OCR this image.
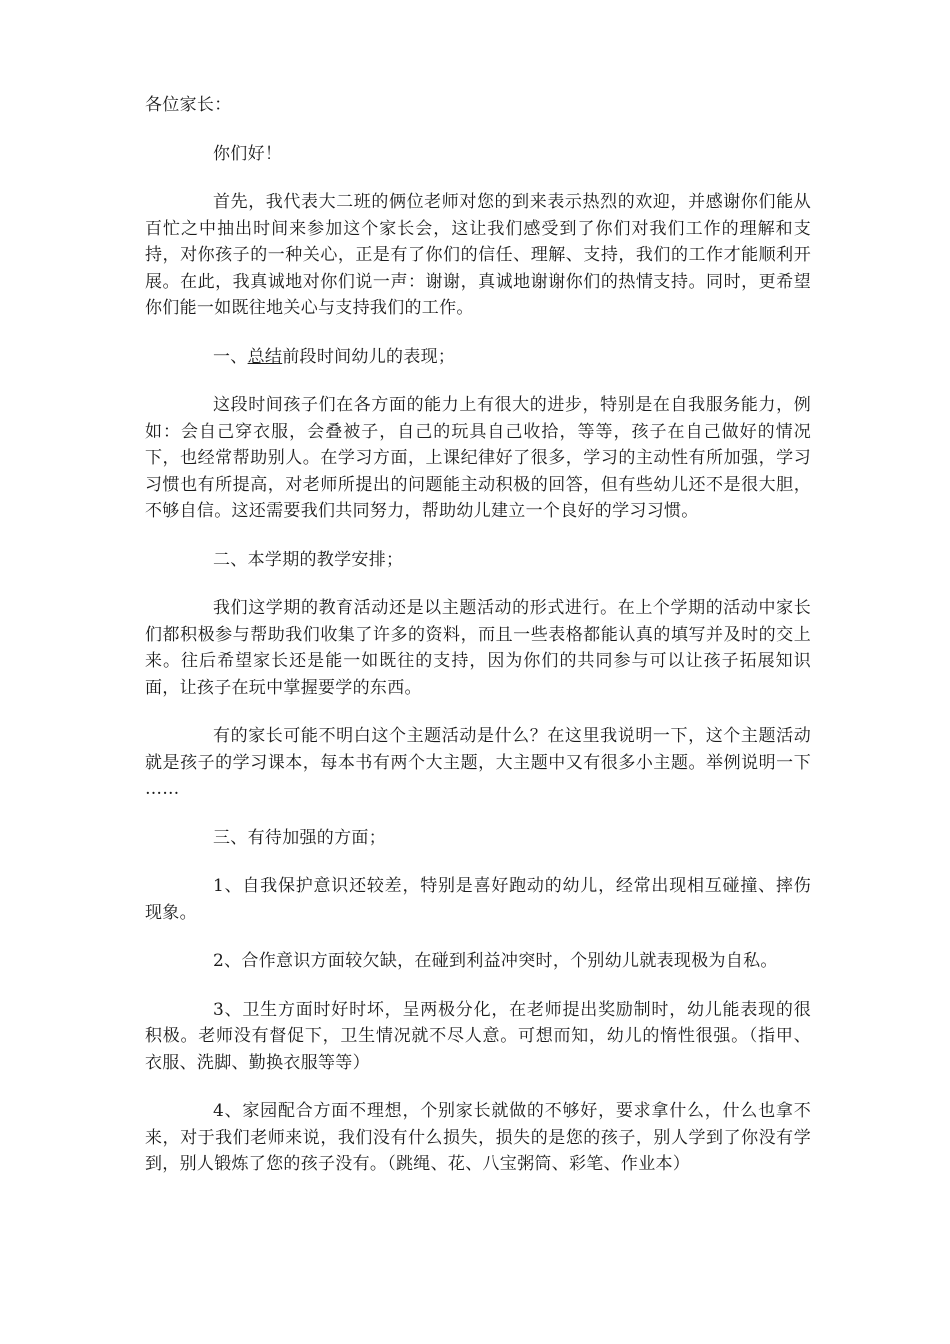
各位家长：

你们好！

首先，我代表大二班的俩位老师对您的到来表示热烈的欢迎，并感谢你们能从百忙之中抽出时间来参加这个家长会，这让我们感受到了你们对我们工作的理解和支持，对你孩子的一种关心，正是有了你们的信任、理解、支持，我们的工作才能顺利开展。在此，我真诚地对你们说一声：谢谢，真诚地谢谢你们的热情支持。同时，更希望你们能一如既往地关心与支持我们的工作。

一、总结前段时间幼儿的表现；

这段时间孩子们在各方面的能力上有很大的进步，特别是在自我服务能力，例如：会自己穿衣服，会叠被子，自己的玩具自己收拾，等等，孩子在自己做好的情况下，也经常帮助别人。在学习方面，上课纪律好了很多，学习的主动性有所加强，学习习惯也有所提高，对老师所提出的问题能主动积极的回答，但有些幼儿还不是很大胆，不够自信。这还需要我们共同努力，帮助幼儿建立一个良好的学习习惯。

二、本学期的教学安排；

我们这学期的教育活动还是以主题活动的形式进行。在上个学期的活动中家长们都积极参与帮助我们收集了许多的资料，而且一些表格都能认真的填写并及时的交上来。往后希望家长还是能一如既往的支持，因为你们的共同参与可以让孩子拓展知识面，让孩子在玩中掌握要学的东西。

有的家长可能不明白这个主题活动是什么？在这里我说明一下，这个主题活动就是孩子的学习课本，每本书有两个大主题，大主题中又有很多小主题。举例说明一下 ……

三、有待加强的方面；

1、自我保护意识还较差，特别是喜好跑动的幼儿，经常出现相互碰撞、摔伤现象。

2、合作意识方面较欠缺，在碰到利益冲突时，个别幼儿就表现极为自私。

3、卫生方面时好时坏，呈两极分化，在老师提出奖励制时，幼儿能表现的很积极。老师没有督促下，卫生情况就不尽人意。可想而知，幼儿的惰性很强。（指甲、衣服、洗脚、勤换衣服等等）

4、家园配合方面不理想，个别家长就做的不够好，要求拿什么，什么也拿不来，对于我们老师来说，我们没有什么损失，损失的是您的孩子，别人学到了你没有学到，别人锻炼了您的孩子没有。（跳绳、花、八宝粥筒、彩笔、作业本）
